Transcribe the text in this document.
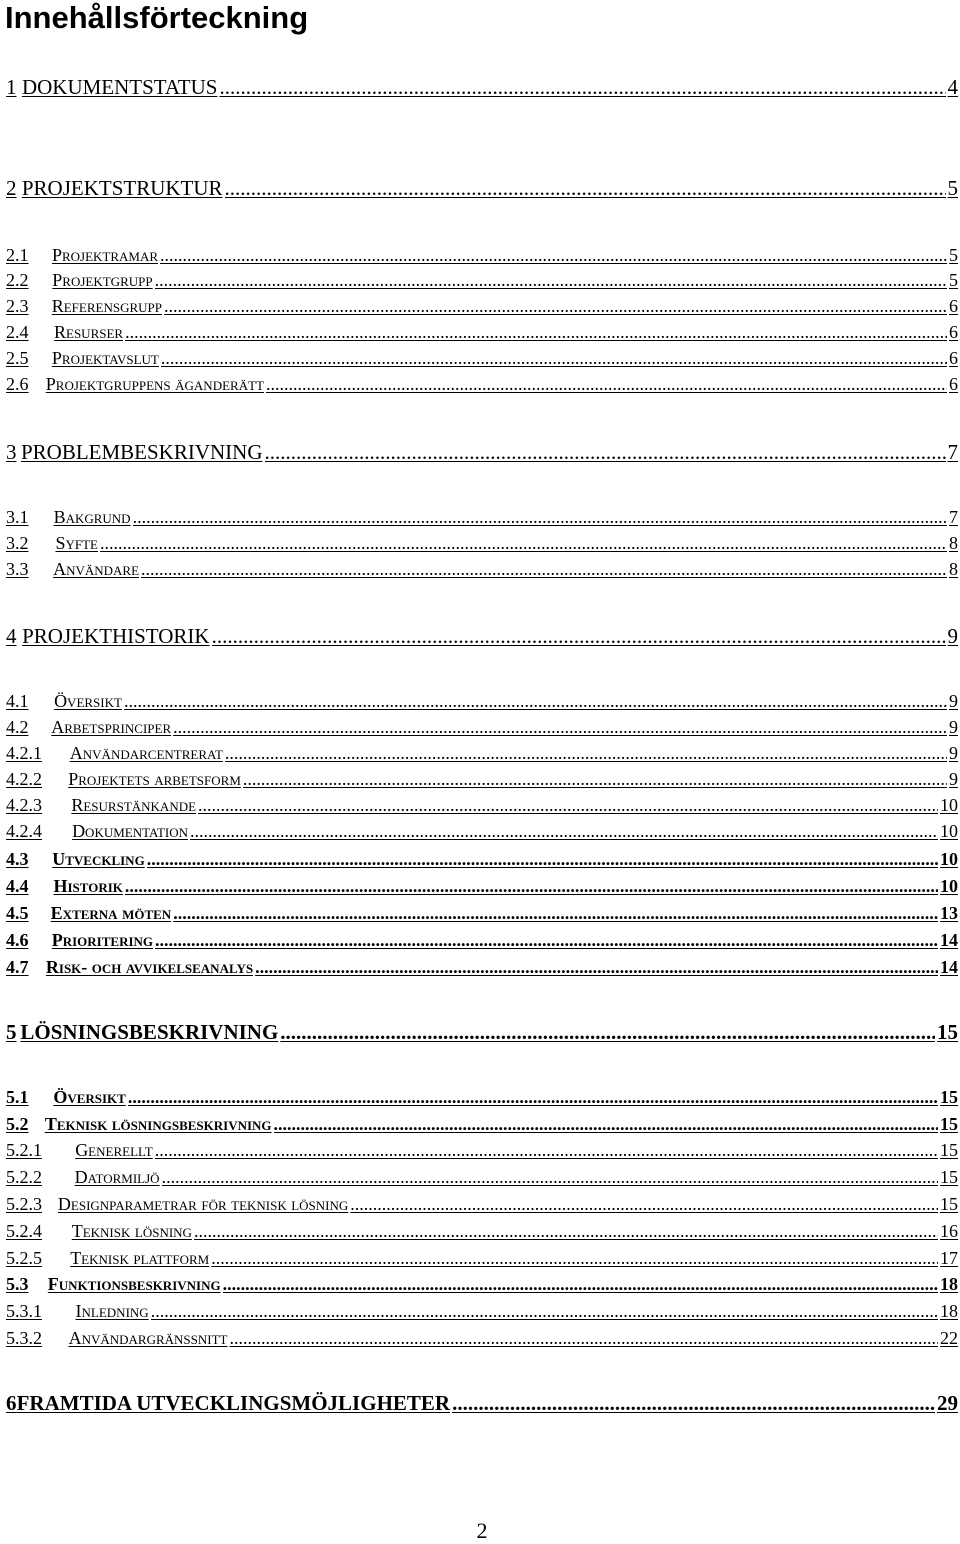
Innehållsförteckning
1 DOKUMENTSTATUS .....	4
2 PROJEKTSTRUKTUR .....	5
2.1	Projektramar .....	5
2.2	Projektgrupp .....	5
2.3	Referensgrupp .....	6
2.4	Resurser .....	6
2.5	Projektavslut .....	6
2.6 Projektgruppens äganderätt .....	6
3 PROBLEMBESKRIVNING .....	7
3.1	Bakgrund .....	7
3.2	Syfte .....	8
3.3	Användare .....	8
4 PROJEKTHISTORIK .....	9
4.1	Översikt .....	9
4.2	Arbetsprinciper .....	9
4.2.1	Användarcentrerat .....	9
4.2.2	Projektets arbetsform .....	9
4.2.3	Resurstänkande .....	10
4.2.4	Dokumentation .....	10
4.3	Utveckling .....	10
4.4	Historik .....	10
4.5	Externa möten .....	13
4.6	Prioritering .....	14
4.7 Risk- och avvikelseanalys .....	14
5 LÖSNINGSBESKRIVNING .....	15
5.1	Översikt .....	15
5.2 Teknisk lösningsbeskrivning .....	15
5.2.1	Generellt .....	15
5.2.2	Datormiljö .....	15
5.2.3 Designparametrar för teknisk lösning .....	15
5.2.4	Teknisk lösning .....	16
5.2.5	Teknisk plattform .....	17
5.3	Funktionsbeskrivning .....	18
5.3.1	Inledning .....	18
5.3.2	Användargränssnitt .....	22
6 FRAMTIDA UTVECKLINGSMÖJLIGHETER .....	29
2
